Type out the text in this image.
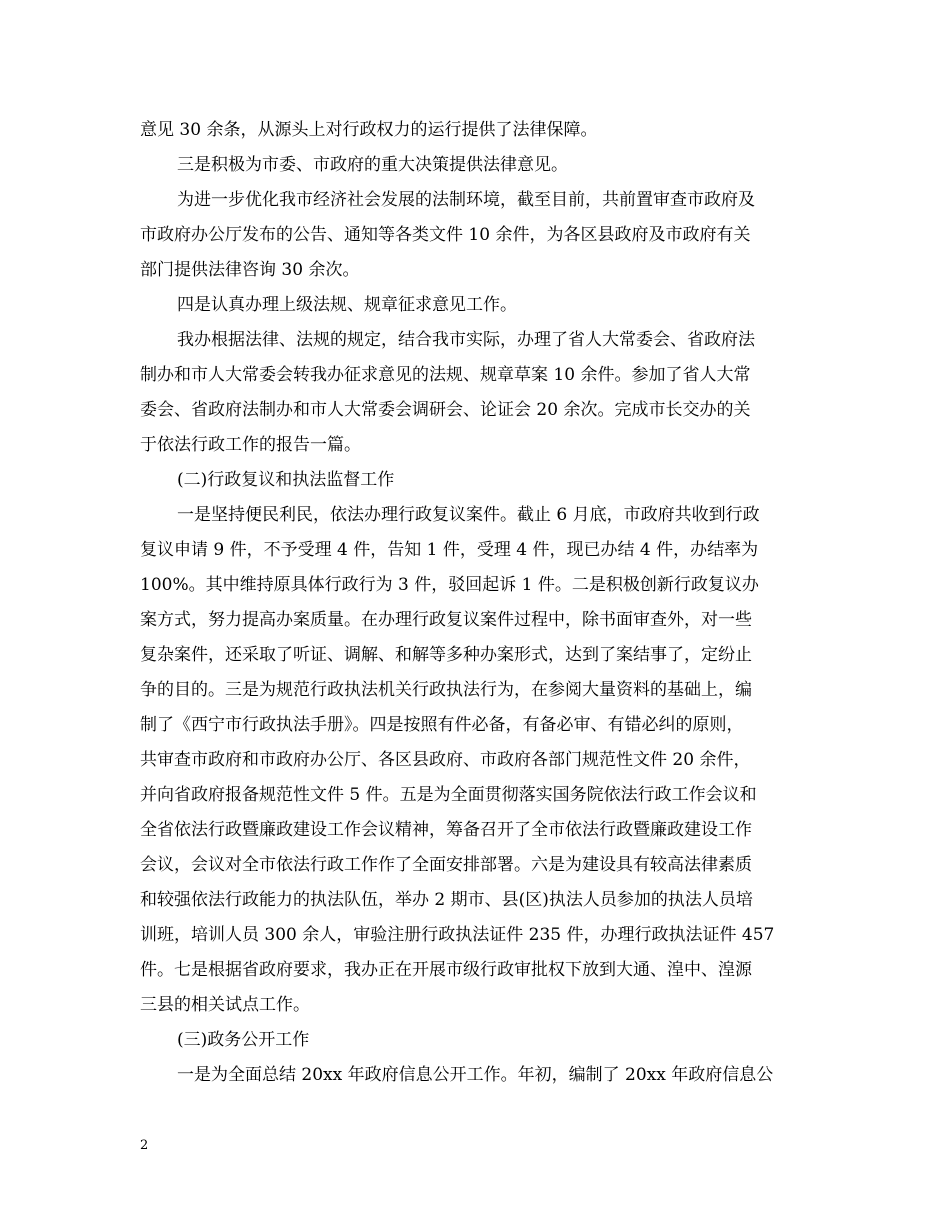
意见 30 余条，从源头上对行政权力的运行提供了法律保障。
三是积极为市委、市政府的重大决策提供法律意见。
为进一步优化我市经济社会发展的法制环境，截至目前，共前置审查市政府及
市政府办公厅发布的公告、通知等各类文件 10 余件，为各区县政府及市政府有关
部门提供法律咨询 30 余次。
四是认真办理上级法规、规章征求意见工作。
我办根据法律、法规的规定，结合我市实际，办理了省人大常委会、省政府法
制办和市人大常委会转我办征求意见的法规、规章草案 10 余件。参加了省人大常
委会、省政府法制办和市人大常委会调研会、论证会 20 余次。完成市长交办的关
于依法行政工作的报告一篇。
(二)行政复议和执法监督工作
一是坚持便民利民，依法办理行政复议案件。截止 6 月底，市政府共收到行政
复议申请 9 件，不予受理 4 件，告知 1 件，受理 4 件，现已办结 4 件，办结率为
100%。其中维持原具体行政行为 3 件，驳回起诉 1 件。二是积极创新行政复议办
案方式，努力提高办案质量。在办理行政复议案件过程中，除书面审查外，对一些
复杂案件，还采取了听证、调解、和解等多种办案形式，达到了案结事了，定纷止
争的目的。三是为规范行政执法机关行政执法行为，在参阅大量资料的基础上，编
制了《西宁市行政执法手册》。四是按照有件必备，有备必审、有错必纠的原则，
共审查市政府和市政府办公厅、各区县政府、市政府各部门规范性文件 20 余件，
并向省政府报备规范性文件 5 件。五是为全面贯彻落实国务院依法行政工作会议和
全省依法行政暨廉政建设工作会议精神，筹备召开了全市依法行政暨廉政建设工作
会议，会议对全市依法行政工作作了全面安排部署。六是为建设具有较高法律素质
和较强依法行政能力的执法队伍，举办 2 期市、县(区)执法人员参加的执法人员培
训班，培训人员 300 余人，审验注册行政执法证件 235 件，办理行政执法证件 457
件。七是根据省政府要求，我办正在开展市级行政审批权下放到大通、湟中、湟源
三县的相关试点工作。
(三)政务公开工作
一是为全面总结 20xx 年政府信息公开工作。年初，编制了 20xx 年政府信息公
2
